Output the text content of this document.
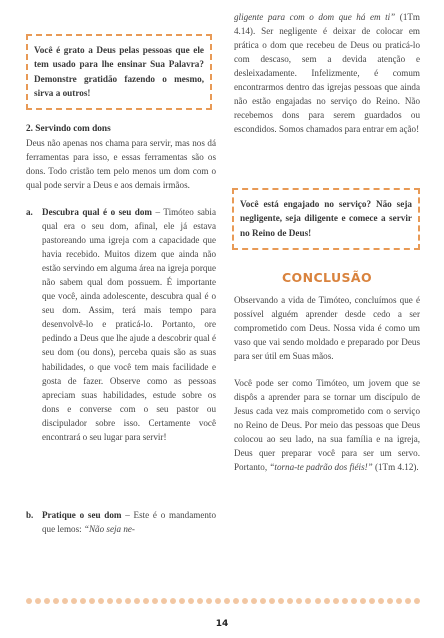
Você é grato a Deus pelas pessoas que ele tem usado para lhe ensinar Sua Palavra? Demonstre gratidão fazendo o mesmo, sirva a outros!
2. Servindo com dons
Deus não apenas nos chama para servir, mas nos dá ferramentas para isso, e essas ferramentas são os dons. Todo cristão tem pelo menos um dom com o qual pode servir a Deus e aos demais irmãos.
a. Descubra qual é o seu dom – Timóteo sabia qual era o seu dom, afinal, ele já estava pastoreando uma igreja com a capacidade que havia recebido. Muitos dizem que ainda não estão servindo em alguma área na igreja porque não sabem qual dom possuem. É importante que você, ainda adolescente, descubra qual é o seu dom. Assim, terá mais tempo para desenvolvê-lo e praticá-lo. Portanto, ore pedindo a Deus que lhe ajude a descobrir qual é seu dom (ou dons), perceba quais são as suas habilidades, o que você tem mais facilidade e gosta de fazer. Observe como as pessoas apreciam suas habilidades, estude sobre os dons e converse com o seu pastor ou discipulador sobre isso. Certamente você encontrará o seu lugar para servir!
b. Pratique o seu dom – Este é o mandamento que lemos: “Não seja ne-
gligente para com o dom que há em ti” (1Tm 4.14). Ser negligente é deixar de colocar em prática o dom que recebeu de Deus ou praticá-lo com descaso, sem a devida atenção e desleixadamente. Infelizmente, é comum encontrarmos dentro das igrejas pessoas que ainda não estão engajadas no serviço do Reino. Não recebemos dons para serem guardados ou escondidos. Somos chamados para entrar em ação!
Você está engajado no serviço? Não seja negligente, seja diligente e comece a servir no Reino de Deus!
CONCLUSÃO
Observando a vida de Timóteo, concluímos que é possível alguém aprender desde cedo a ser comprometido com Deus. Nossa vida é como um vaso que vai sendo moldado e preparado por Deus para ser útil em Suas mãos.
Você pode ser como Timóteo, um jovem que se dispôs a aprender para se tornar um discípulo de Jesus cada vez mais comprometido com o serviço no Reino de Deus. Por meio das pessoas que Deus colocou ao seu lado, na sua família e na igreja, Deus quer preparar você para ser um servo. Portanto, “torna-te padrão dos fiéis!” (1Tm 4.12).
14
